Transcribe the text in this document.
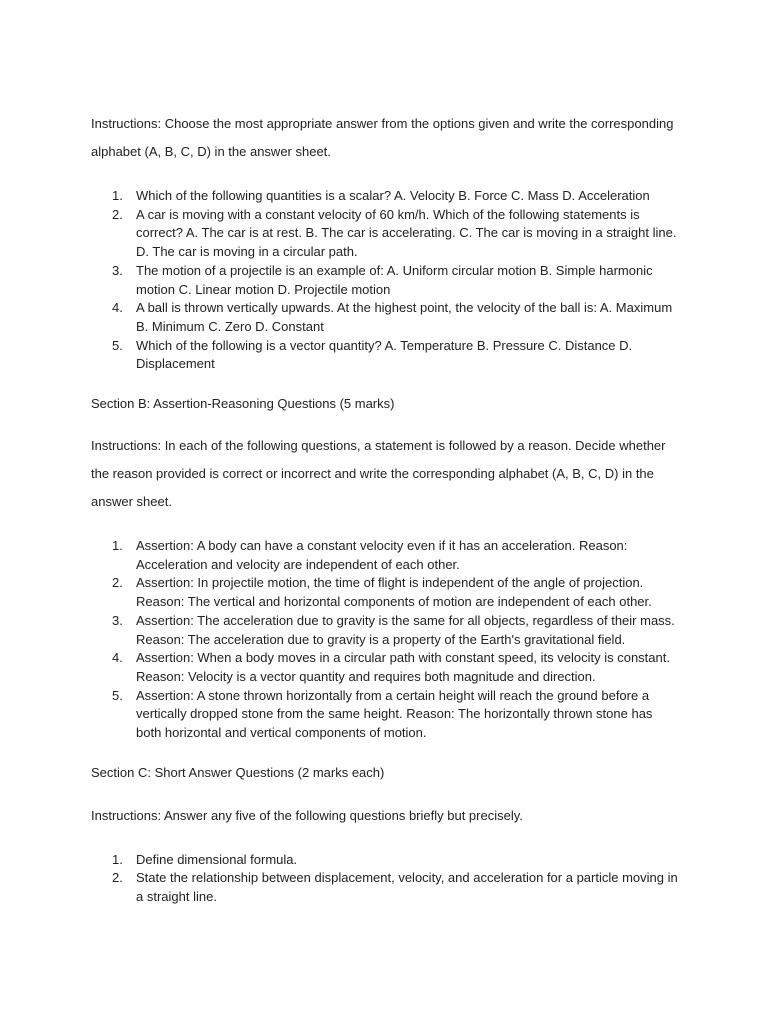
Instructions: Choose the most appropriate answer from the options given and write the corresponding alphabet (A, B, C, D) in the answer sheet.

1. Which of the following quantities is a scalar? A. Velocity B. Force C. Mass D. Acceleration
2. A car is moving with a constant velocity of 60 km/h. Which of the following statements is correct? A. The car is at rest. B. The car is accelerating. C. The car is moving in a straight line. D. The car is moving in a circular path.
3. The motion of a projectile is an example of: A. Uniform circular motion B. Simple harmonic motion C. Linear motion D. Projectile motion
4. A ball is thrown vertically upwards. At the highest point, the velocity of the ball is: A. Maximum B. Minimum C. Zero D. Constant
5. Which of the following is a vector quantity? A. Temperature B. Pressure C. Distance D. Displacement

Section B: Assertion-Reasoning Questions (5 marks)

Instructions: In each of the following questions, a statement is followed by a reason. Decide whether the reason provided is correct or incorrect and write the corresponding alphabet (A, B, C, D) in the answer sheet.

1. Assertion: A body can have a constant velocity even if it has an acceleration. Reason: Acceleration and velocity are independent of each other.
2. Assertion: In projectile motion, the time of flight is independent of the angle of projection. Reason: The vertical and horizontal components of motion are independent of each other.
3. Assertion: The acceleration due to gravity is the same for all objects, regardless of their mass. Reason: The acceleration due to gravity is a property of the Earth's gravitational field.
4. Assertion: When a body moves in a circular path with constant speed, its velocity is constant. Reason: Velocity is a vector quantity and requires both magnitude and direction.
5. Assertion: A stone thrown horizontally from a certain height will reach the ground before a vertically dropped stone from the same height. Reason: The horizontally thrown stone has both horizontal and vertical components of motion.

Section C: Short Answer Questions (2 marks each)

Instructions: Answer any five of the following questions briefly but precisely.

1. Define dimensional formula.
2. State the relationship between displacement, velocity, and acceleration for a particle moving in a straight line.
